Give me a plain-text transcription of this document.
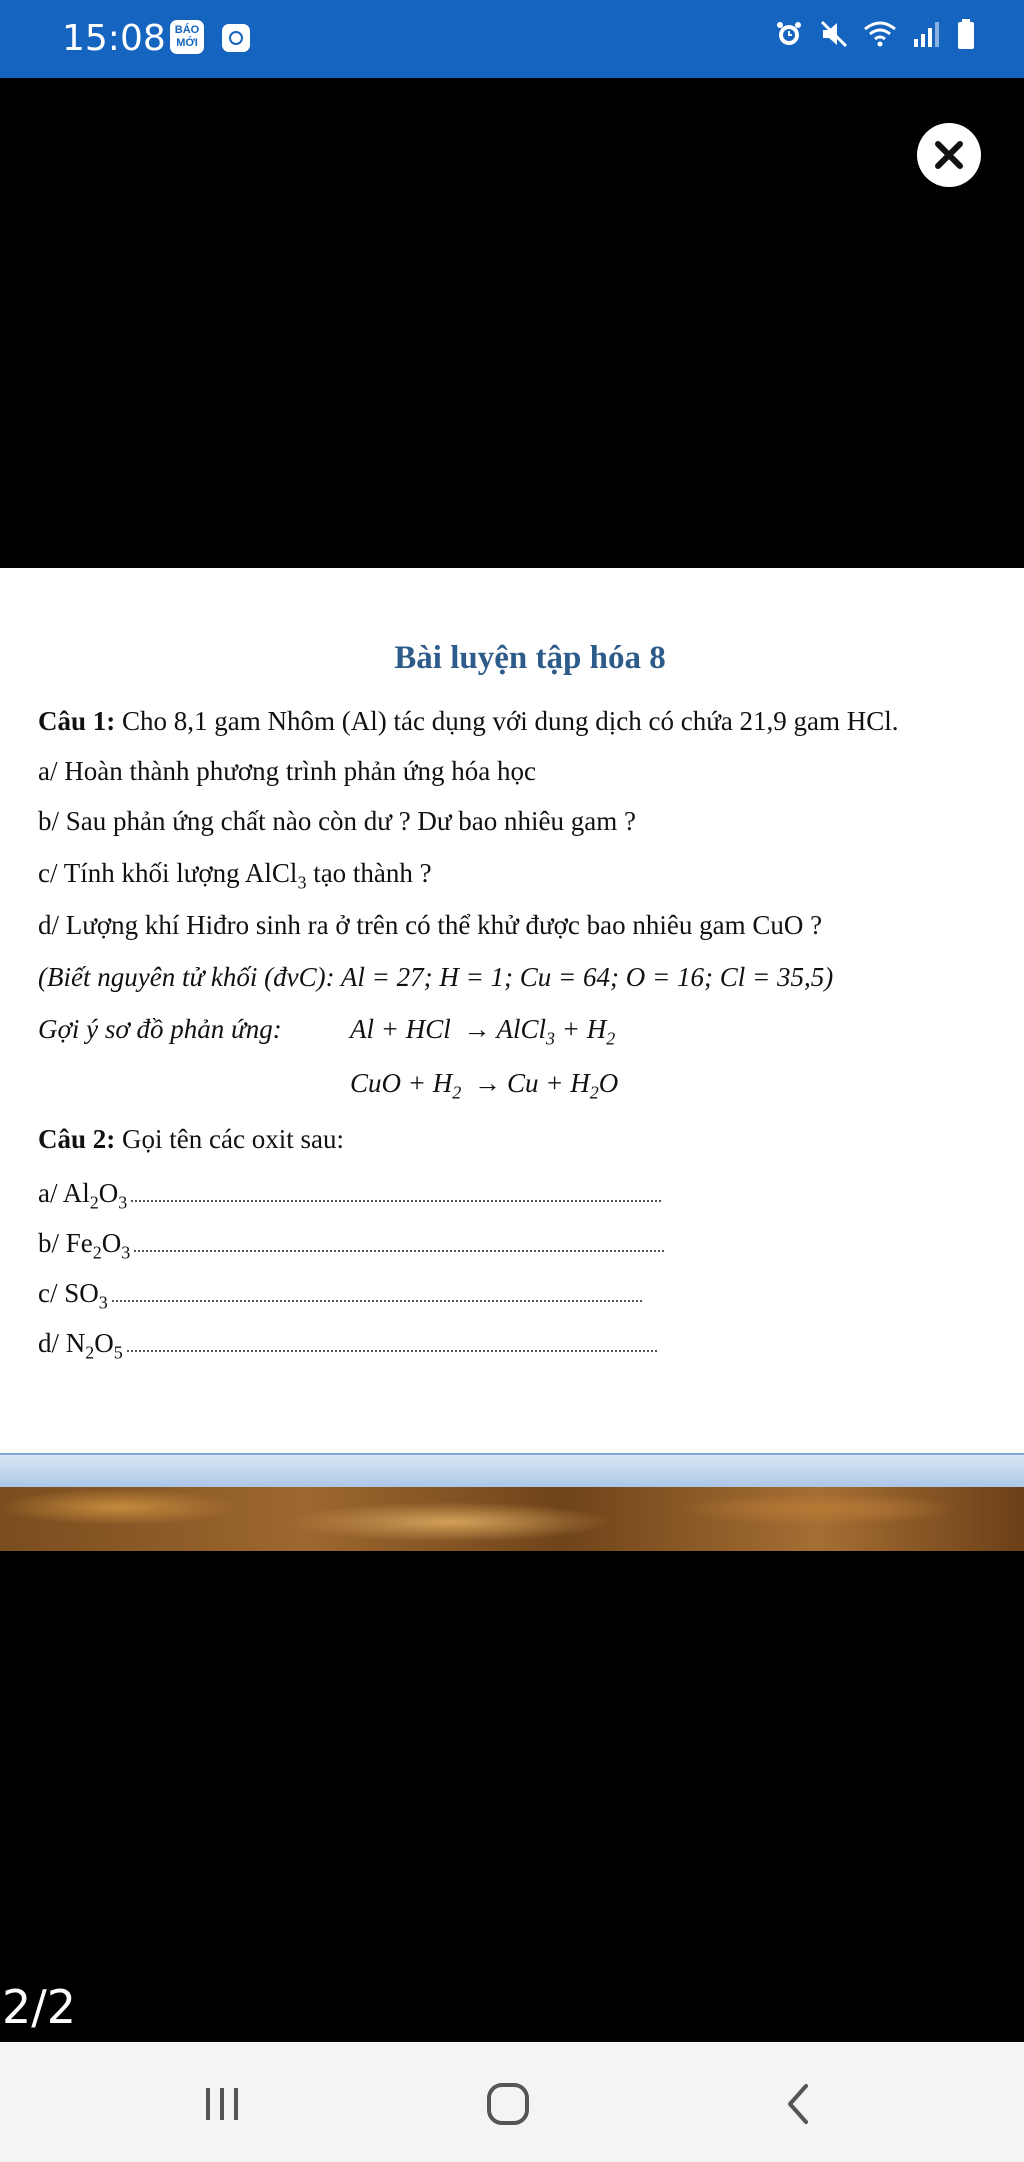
15:08 BÁO MỚI

Bài luyện tập hóa 8
Câu 1: Cho 8,1 gam Nhôm (Al) tác dụng với dung dịch có chứa 21,9 gam HCl.
a/ Hoàn thành phương trình phản ứng hóa học
b/ Sau phản ứng chất nào còn dư ? Dư bao nhiêu gam ?
c/ Tính khối lượng AlCl$_3$ tạo thành ?
d/ Lượng khí Hiđro sinh ra ở trên có thể khử được bao nhiêu gam CuO ?
(Biết nguyên tử khối (đvC): Al = 27; H = 1; Cu = 64; O = 16; Cl = 35,5)
Gợi ý sơ đồ phản ứng:	Al + HCl → AlCl$_3$ + $H_2$
CuO + $H_2 \to Cu + H_2O$
Câu 2: Gọi tên các oxit sau:
a/ $Al_2O_3$
b/ $Fe_2O_3$
c/ $SO_3$
d/ $N_2O_5$
2/2
